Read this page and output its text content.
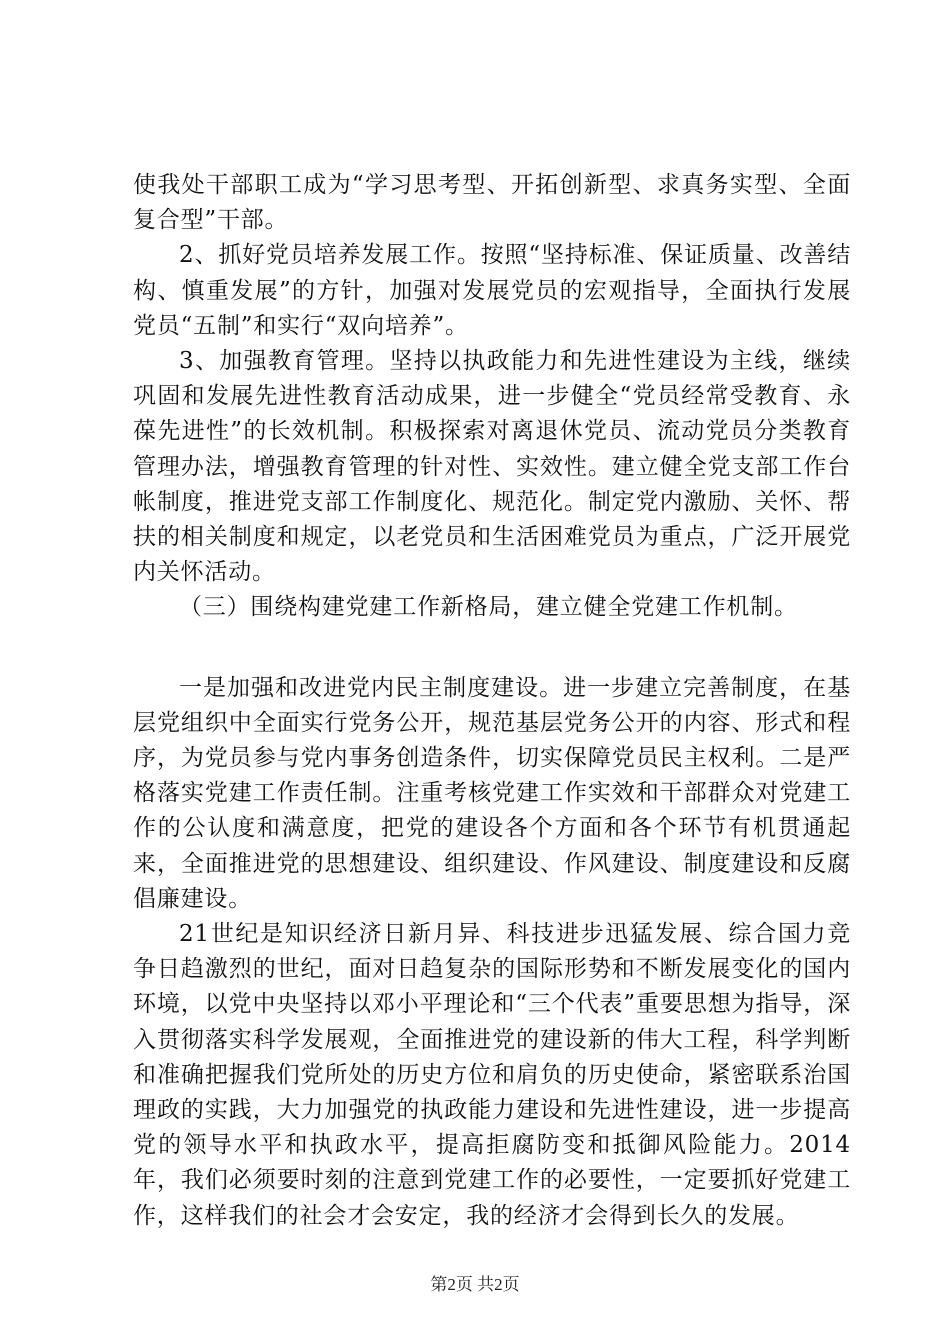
使我处干部职工成为“学习思考型、开拓创新型、求真务实型、全面复合型”干部。

2、抓好党员培养发展工作。按照“坚持标准、保证质量、改善结构、慎重发展”的方针，加强对发展党员的宏观指导，全面执行发展党员“五制”和实行“双向培养”。

3、加强教育管理。坚持以执政能力和先进性建设为主线，继续巩固和发展先进性教育活动成果，进一步健全“党员经常受教育、永葆先进性”的长效机制。积极探索对离退休党员、流动党员分类教育管理办法，增强教育管理的针对性、实效性。建立健全党支部工作台帐制度，推进党支部工作制度化、规范化。制定党内激励、关怀、帮扶的相关制度和规定，以老党员和生活困难党员为重点，广泛开展党内关怀活动。

（三）围绕构建党建工作新格局，建立健全党建工作机制。

一是加强和改进党内民主制度建设。进一步建立完善制度，在基层党组织中全面实行党务公开，规范基层党务公开的内容、形式和程序，为党员参与党内事务创造条件，切实保障党员民主权利。二是严格落实党建工作责任制。注重考核党建工作实效和干部群众对党建工作的公认度和满意度，把党的建设各个方面和各个环节有机贯通起来，全面推进党的思想建设、组织建设、作风建设、制度建设和反腐倡廉建设。

21世纪是知识经济日新月异、科技进步迅猛发展、综合国力竞争日趋激烈的世纪，面对日趋复杂的国际形势和不断发展变化的国内环境，以党中央坚持以邓小平理论和“三个代表”重要思想为指导，深入贯彻落实科学发展观，全面推进党的建设新的伟大工程，科学判断和准确把握我们党所处的历史方位和肩负的历史使命，紧密联系治国理政的实践，大力加强党的执政能力建设和先进性建设，进一步提高党的领导水平和执政水平，提高拒腐防变和抵御风险能力。2014年，我们必须要时刻的注意到党建工作的必要性，一定要抓好党建工作，这样我们的社会才会安定，我的经济才会得到长久的发展。

第2页 共2页
